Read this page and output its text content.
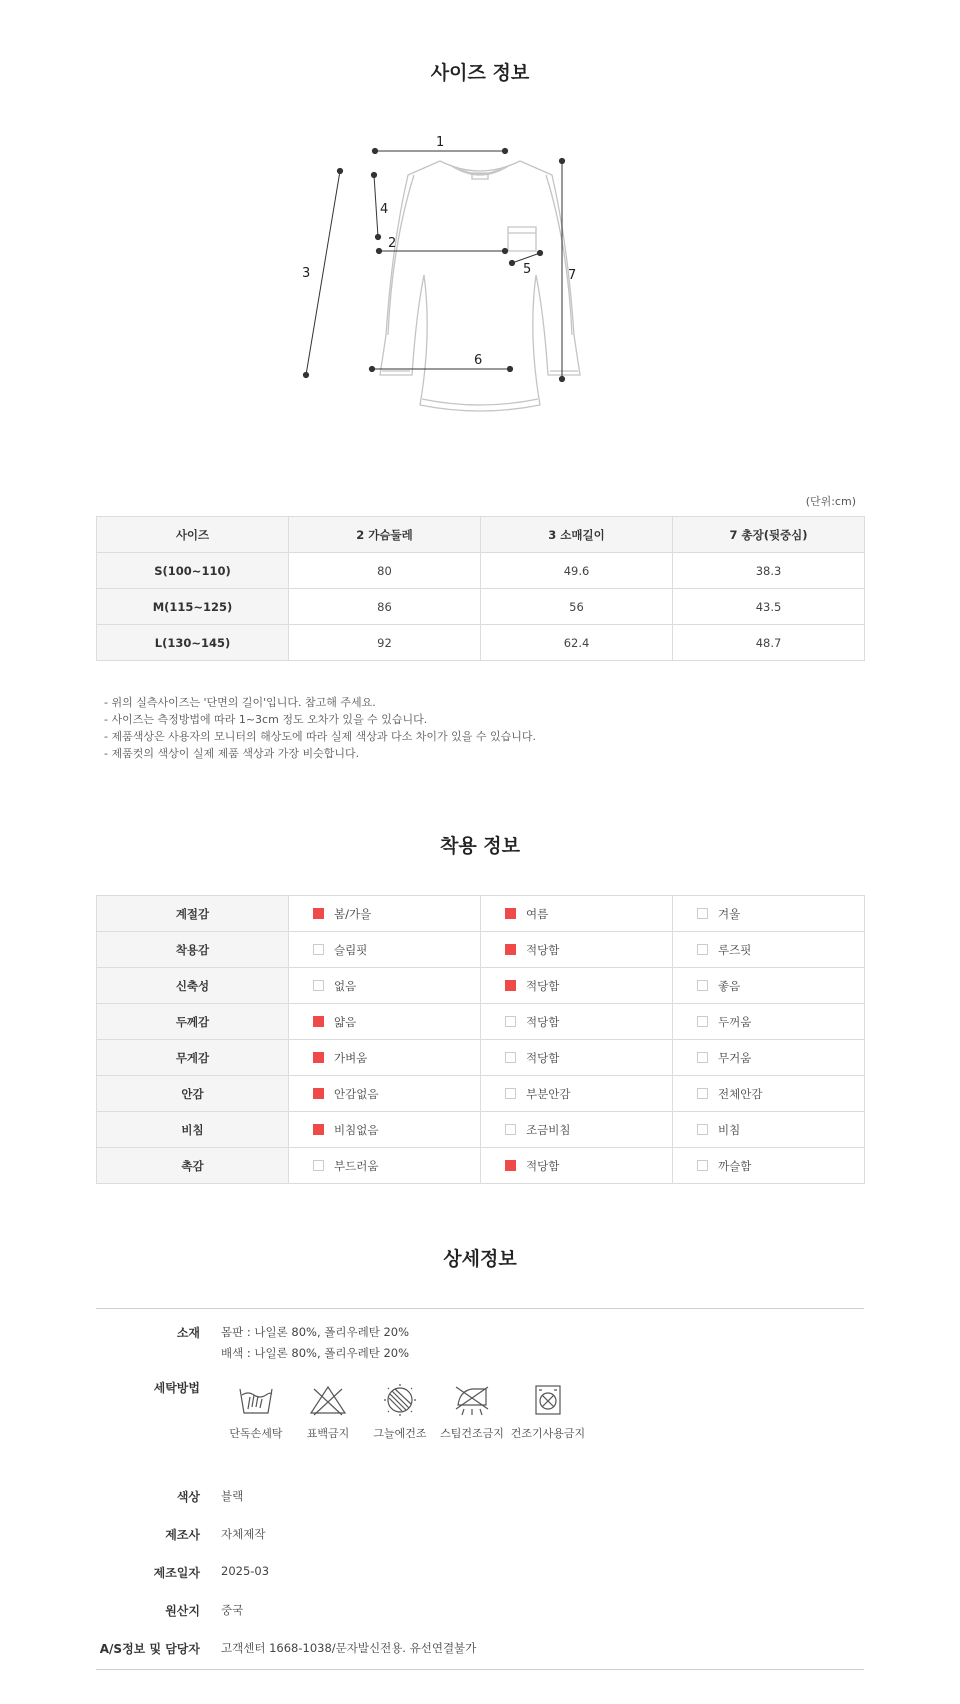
사이즈 정보
1
2
3
4
5
6
7
(단위:cm)
사이즈	2 가슴둘레	3 소매길이	7 총장(뒷중심)
S(100~110)	80	49.6	38.3
M(115~125)	86	56	43.5
L(130~145)	92	62.4	48.7
- 위의 실측사이즈는 '단면의 길이'입니다. 참고해 주세요.
- 사이즈는 측정방법에 따라 1~3cm 정도 오차가 있을 수 있습니다.
- 제품색상은 사용자의 모니터의 해상도에 따라 실제 색상과 다소 차이가 있을 수 있습니다.
- 제품컷의 색상이 실제 제품 색상과 가장 비슷합니다.
착용 정보
계절감	봄/가을	여름	겨울
착용감	슬림핏	적당함	루즈핏
신축성	없음	적당함	좋음
두께감	얇음	적당함	두꺼움
무게감	가벼움	적당함	무거움
안감	안감없음	부분안감	전체안감
비침	비침없음	조금비침	비침
촉감	부드러움	적당함	까슬함
상세정보
소재 몸판 : 나일론 80%, 폴리우레탄 20%
배색 : 나일론 80%, 폴리우레탄 20%
세탁방법
단독손세탁	표백금지	그늘에건조	스팀건조금지 건조기사용금지
색상 블랙
제조사 자체제작
제조일자 2025-03
원산지 중국
A/S정보 및 담당자 고객센터 1668-1038/문자발신전용. 유선연결불가
